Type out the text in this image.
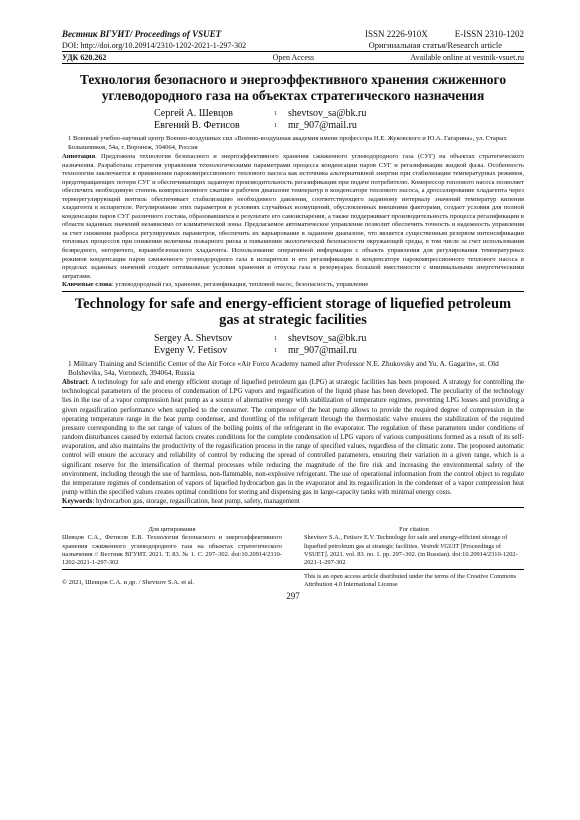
Вестник ВГУИТ/ Proceedings of VSUET	ISSN 2226-910X	E-ISSN 2310-1202
DOI: http://doi.org/10.20914/2310-1202-2021-1-297-302	Оригинальная статья/Research article
УДК 620.262	Open Access	Available online at vestnik-vsuet.ru
Технология безопасного и энергоэффективного хранения сжиженного углеводородного газа на объектах стратегического назначения
Сергей А. Шевцов	1	shevtsov_sa@bk.ru
Евгений В. Фетисов	1	mr_907@mail.ru
1 Военный учебно-научный центр Военно-воздушных сил «Военно-воздушная академия имени профессора Н.Е. Жуковского и Ю.А. Гагарина», ул. Старых Большевиков, 54а, г. Воронеж, 394064, Россия
Аннотация. Предложена технология безопасного и энергоэффективного хранения сжиженного углеводородного газа (СУГ) на объектах стратегического назначения. Разработана стратегия управления технологическими параметрами процесса конденсации паров СУГ и регазификации жидкой фазы. Особенность технологии заключается в применении парокомпрессионного теплового насоса как источника альтернативной энергии при стабилизации температурных режимов, предотвращающих потери СУГ и обеспечивающих заданную производительность регазификации при подаче потребителю. Компрессор теплового насоса позволяет обеспечить необходимую степень компрессионного сжатия в рабочем диапазоне температур в конденсаторе теплового насоса, а дросселирование хладагента через терморегулирующий вентиль обеспечивает стабилизацию необходимого давления, соответствующего заданному интервалу значений температур кипения хладагента в испарителе. Регулирование этих параметров в условиях случайных возмущений, обусловленных внешними факторами, создает условия для полной конденсации паров СУГ различного состава, образовавшихся в результате его самоиспарения, а также поддерживает производительность процесса регазификации в области заданных значений независимо от климатической зоны. Предлагаемое автоматическое управление позволит обеспечить точность и надежность управления за счет снижения разброса регулируемых параметров, обеспечить их варьирование в заданном диапазоне, что является существенным резервом интенсификации тепловых процессов при снижении величины пожарного риска и повышении экологической безопасности окружающей среды, в том числе за счет использования безвредного, негорючего, взрывобезопасного хладагента. Использование оперативной информации с объекта управления для регулирования температурных режимов конденсации паров сжиженного углеводородного газа в испарителе и его регазификации в конденсаторе парокомпрессионного теплового насоса в пределах заданных значений создает оптимальные условия хранения и отпуска газа в резервуарах большой вместимости с минимальными энергетическими затратами.
Ключевые слова: углеводородный газ, хранение, регазификация, тепловой насос, безопасность, управление
Technology for safe and energy-efficient storage of liquefied petroleum gas at strategic facilities
Sergey A. Shevtsov	1	shevtsov_sa@bk.ru
Evgeny V. Fetisov	1	mr_907@mail.ru
1 Military Training and Scientific Center of the Air Force «Air Force Academy named after Professor N.E. Zhukovsky and Yu. A. Gagarin», st. Old Bolsheviks, 54a, Voronezh, 394064, Russia
Abstract. A technology for safe and energy efficient storage of liquefied petroleum gas (LPG) at strategic facilities has been proposed. A strategy for controlling the technological parameters of the process of condensation of LPG vapors and regasification of the liquid phase has been developed. The peculiarity of the technology lies in the use of a vapor compression heat pump as a source of alternative energy with stabilization of temperature regimes, preventing LPG losses and providing a given regasification performance when supplied to the consumer. The compressor of the heat pump allows to provide the required degree of compression in the operating temperature range in the heat pump condenser, and throttling of the refrigerant through the thermostatic valve ensures the stabilization of the required pressure corresponding to the set range of values of the boiling points of the refrigerant in the evaporator. The regulation of these parameters under conditions of random disturbances caused by external factors creates conditions for the complete condensation of LPG vapors of various compositions formed as a result of its self-evaporation, and also maintains the productivity of the regasification process in the range of specified values, regardless of the climatic zone. The proposed automatic control will ensure the accuracy and reliability of control by reducing the spread of controlled parameters, ensuring their variation in a given range, which is a significant reserve for the intensification of thermal processes while reducing the magnitude of the fire risk and increasing the environmental safety of the environment, including through the use of harmless, non-flammable, non-explosive refrigerant. The use of operational information from the control object to regulate the temperature regimes of condensation of vapors of liquefied hydrocarbon gas in the evaporator and its regasification in the condenser of a vapor compression heat pump within the specified values creates optimal conditions for storing and dispensing gas in large-capacity tanks with minimal energy costs.
Keywords: hydrocarbon gas, storage, regasification, heat pump, safety, management
Для цитирования
Шевцов С.А., Фетисов Е.В. Технология безопасного и энергоэффективного хранения сжиженного углеводородного газа на объектах стратегического назначения // Вестник ВГУИТ. 2021. Т. 83. № 1. С. 297–302. doi:10.20914/2310-1202-2021-1-297-302
For citation
Shevtsov S.A., Fetisov E.V. Technology for safe and energy-efficient storage of liquefied petroleum gas at strategic facilities. Vestnik VGUIT [Proceedings of VSUET]. 2021. vol. 83. no. 1. pp. 297–302. (in Russian). doi:10.20914/2310-1202-2021-1-297-302
© 2021, Шевцов С.А. и др. / Shevtsov S.A. et al.
This is an open access article distributed under the terms of the Creative Commons Attribution 4.0 International License
297
